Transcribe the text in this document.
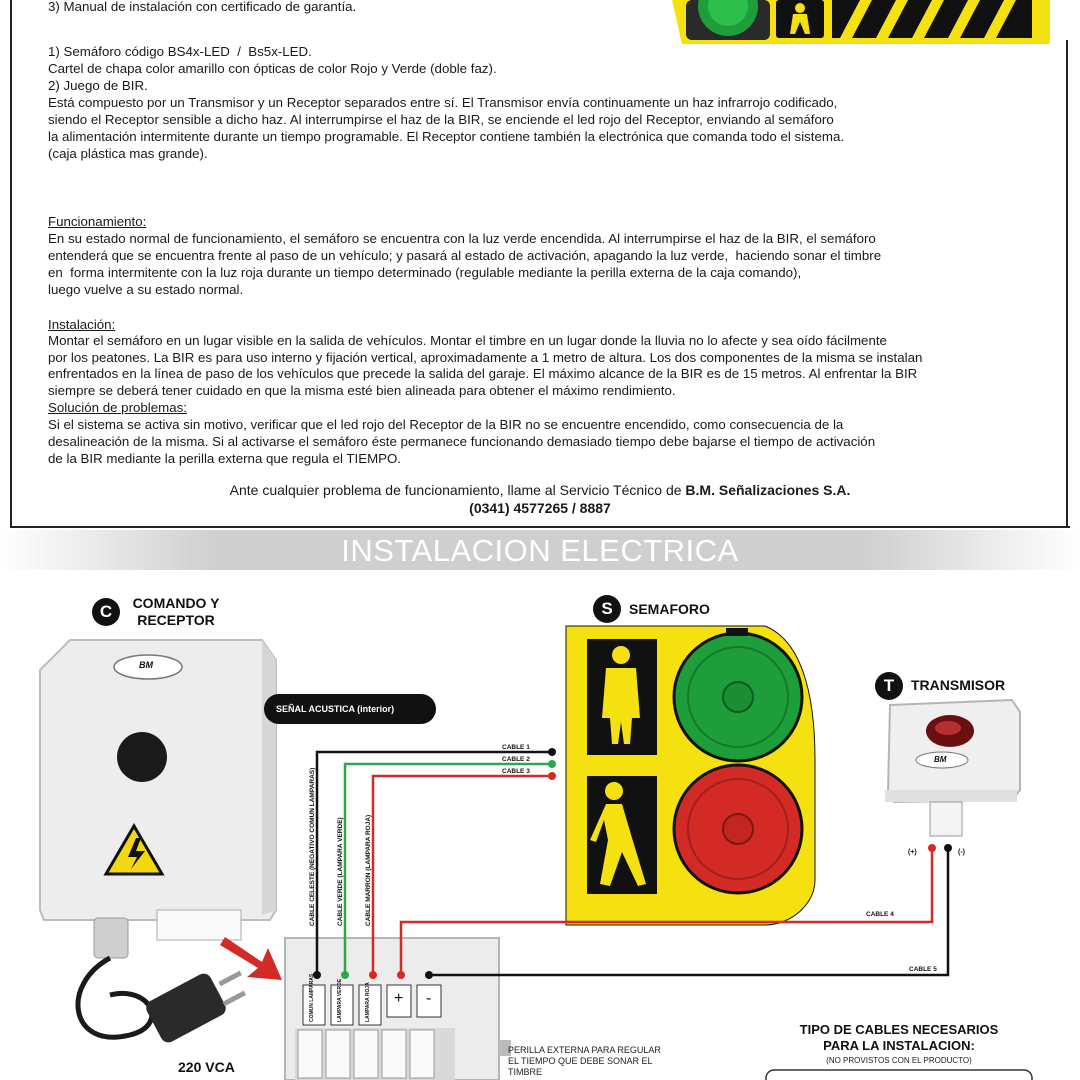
3) Manual de instalación con certificado de garantía.
1) Semáforo código BS4x-LED  /  Bs5x-LED.
Cartel de chapa color amarillo con ópticas de color Rojo y Verde (doble faz).
2) Juego de BIR.
Está compuesto por un Transmisor y un Receptor separados entre sí. El Transmisor envía continuamente un haz infrarrojo codificado,
siendo el Receptor sensible a dicho haz. Al interrumpirse el haz de la BIR, se enciende el led rojo del Receptor, enviando al semáforo
la alimentación intermitente durante un tiempo programable. El Receptor contiene también la electrónica que comanda todo el sistema.
(caja plástica mas grande).
Funcionamiento:
En su estado normal de funcionamiento, el semáforo se encuentra con la luz verde encendida. Al interrumpirse el haz de la BIR, el semáforo
entenderá que se encuentra frente al paso de un vehículo; y pasará al estado de activación, apagando la luz verde,  haciendo sonar el timbre
en  forma intermitente con la luz roja durante un tiempo determinado (regulable mediante la perilla externa de la caja comando),
luego vuelve a su estado normal.
Instalación:
Montar el semáforo en un lugar visible en la salida de vehículos. Montar el timbre en un lugar donde la lluvia no lo afecte y sea oído fácilmente
por los peatones. La BIR es para uso interno y fijación vertical, aproximadamente a 1 metro de altura. Los dos componentes de la misma se instalan
enfrentados en la línea de paso de los vehículos que precede la salida del garaje. El máximo alcance de la BIR es de 15 metros. Al enfrentar la BIR
siempre se deberá tener cuidado en que la misma esté bien alineada para obtener el máximo rendimiento.
Solución de problemas:
Si el sistema se activa sin motivo, verificar que el led rojo del Receptor de la BIR no se encuentre encendido, como consecuencia de la
desalineación de la misma. Si al activarse el semáforo éste permanece funcionando demasiado tiempo debe bajarse el tiempo de activación
de la BIR mediante la perilla externa que regula el TIEMPO.
Ante cualquier problema de funcionamiento, llame al Servicio Técnico de B.M. Señalizaciones S.A.
(0341) 4577265 / 8887
INSTALACION ELECTRICA
C	COMANDO Y
RECEPTOR
S	SEMAFORO
T	TRANSMISOR
SEÑAL ACUSTICA (interior)
CABLE 1
CABLE 2
CABLE 3
CABLE 4
CABLE 5
CABLE CELESTE (NEGATIVO COMUN LAMPARAS)	CABLE VERDE (LAMPARA VERDE)	CABLE MARRON (LAMPARA ROJA)
COMUN LAMPARAS	LAMPARA VERDE	LAMPARA ROJA + -
(+)	(-)
220 VCA
PERILLA EXTERNA PARA REGULAR
EL TIEMPO QUE DEBE SONAR EL
TIMBRE
TIPO DE CABLES NECESARIOS
PARA LA INSTALACION:
(NO PROVISTOS CON EL PRODUCTO)
BM
BM
